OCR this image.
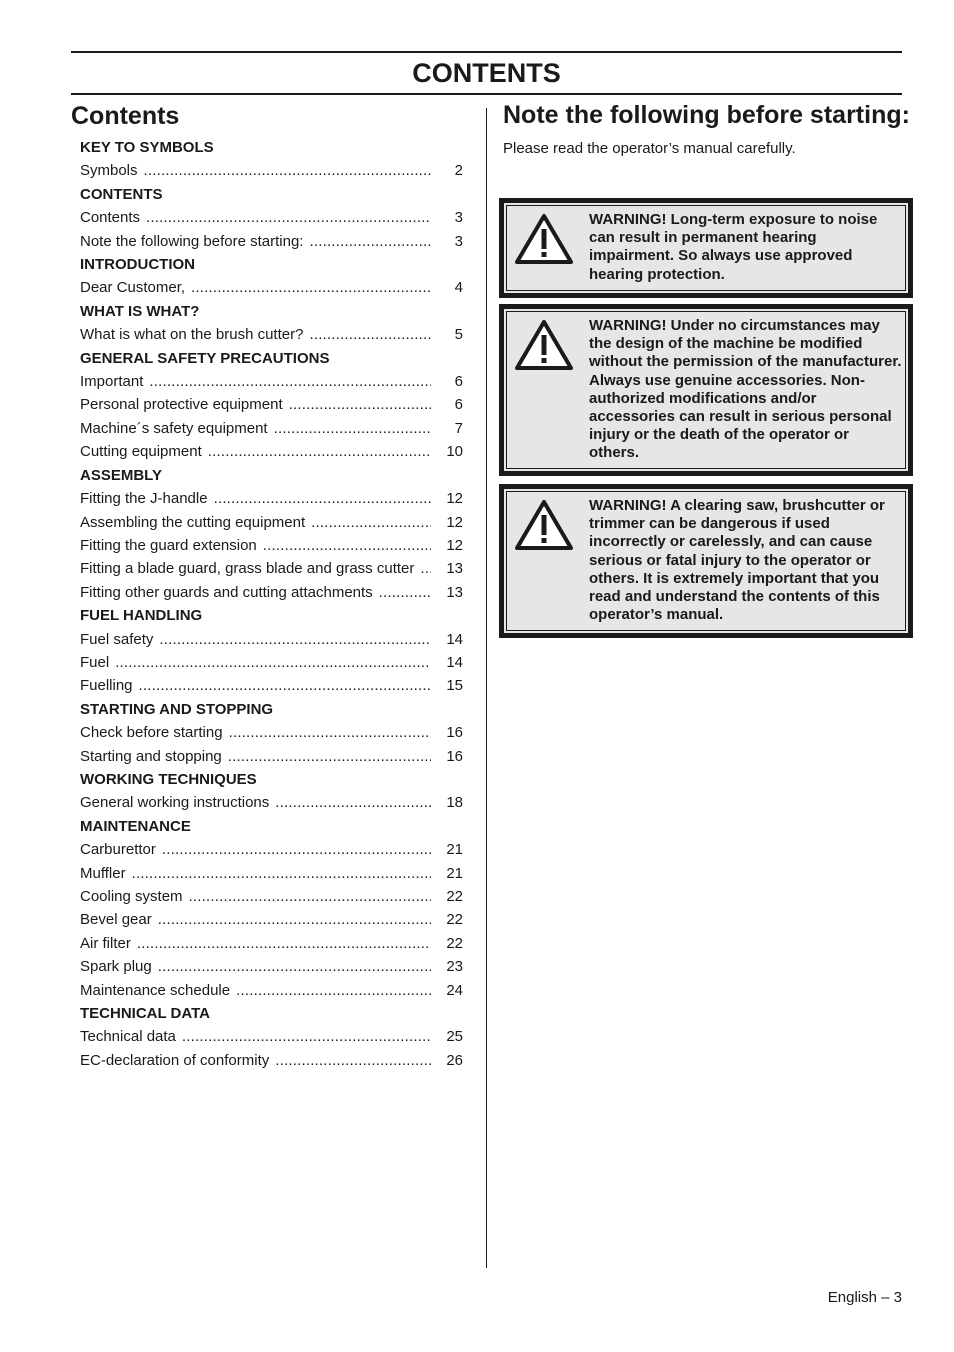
CONTENTS
Contents
KEY TO SYMBOLS
Symbols .....	2
CONTENTS
Contents .....	3
Note the following before starting: .....	3
INTRODUCTION
Dear Customer, .....	4
WHAT IS WHAT?
What is what on the brush cutter? .....	5
GENERAL SAFETY PRECAUTIONS
Important .....	6
Personal protective equipment .....	6
Machine´s safety equipment .....	7
Cutting equipment .....	10
ASSEMBLY
Fitting the J-handle .....	12
Assembling the cutting equipment .....	12
Fitting the guard extension .....	12
Fitting a blade guard, grass blade and grass cutter .....	13
Fitting other guards and cutting attachments .....	13
FUEL HANDLING
Fuel safety .....	14
Fuel .....	14
Fuelling .....	15
STARTING AND STOPPING
Check before starting .....	16
Starting and stopping .....	16
WORKING TECHNIQUES
General working instructions .....	18
MAINTENANCE
Carburettor .....	21
Muffler .....	21
Cooling system .....	22
Bevel gear .....	22
Air filter .....	22
Spark plug .....	23
Maintenance schedule .....	24
TECHNICAL DATA
Technical data .....	25
EC-declaration of conformity .....	26
Note the following before starting:

Please read the operator’s manual carefully.

WARNING! Long-term exposure to noise can result in permanent hearing impairment. So always use approved hearing protection.
WARNING! Under no circumstances may the design of the machine be modified without the permission of the manufacturer. Always use genuine accessories. Non-authorized modifications and/or accessories can result in serious personal injury or the death of the operator or others.
WARNING! A clearing saw, brushcutter or trimmer can be dangerous if used incorrectly or carelessly, and can cause serious or fatal injury to the operator or others. It is extremely important that you read and understand the contents of this operator’s manual.
English – 3
